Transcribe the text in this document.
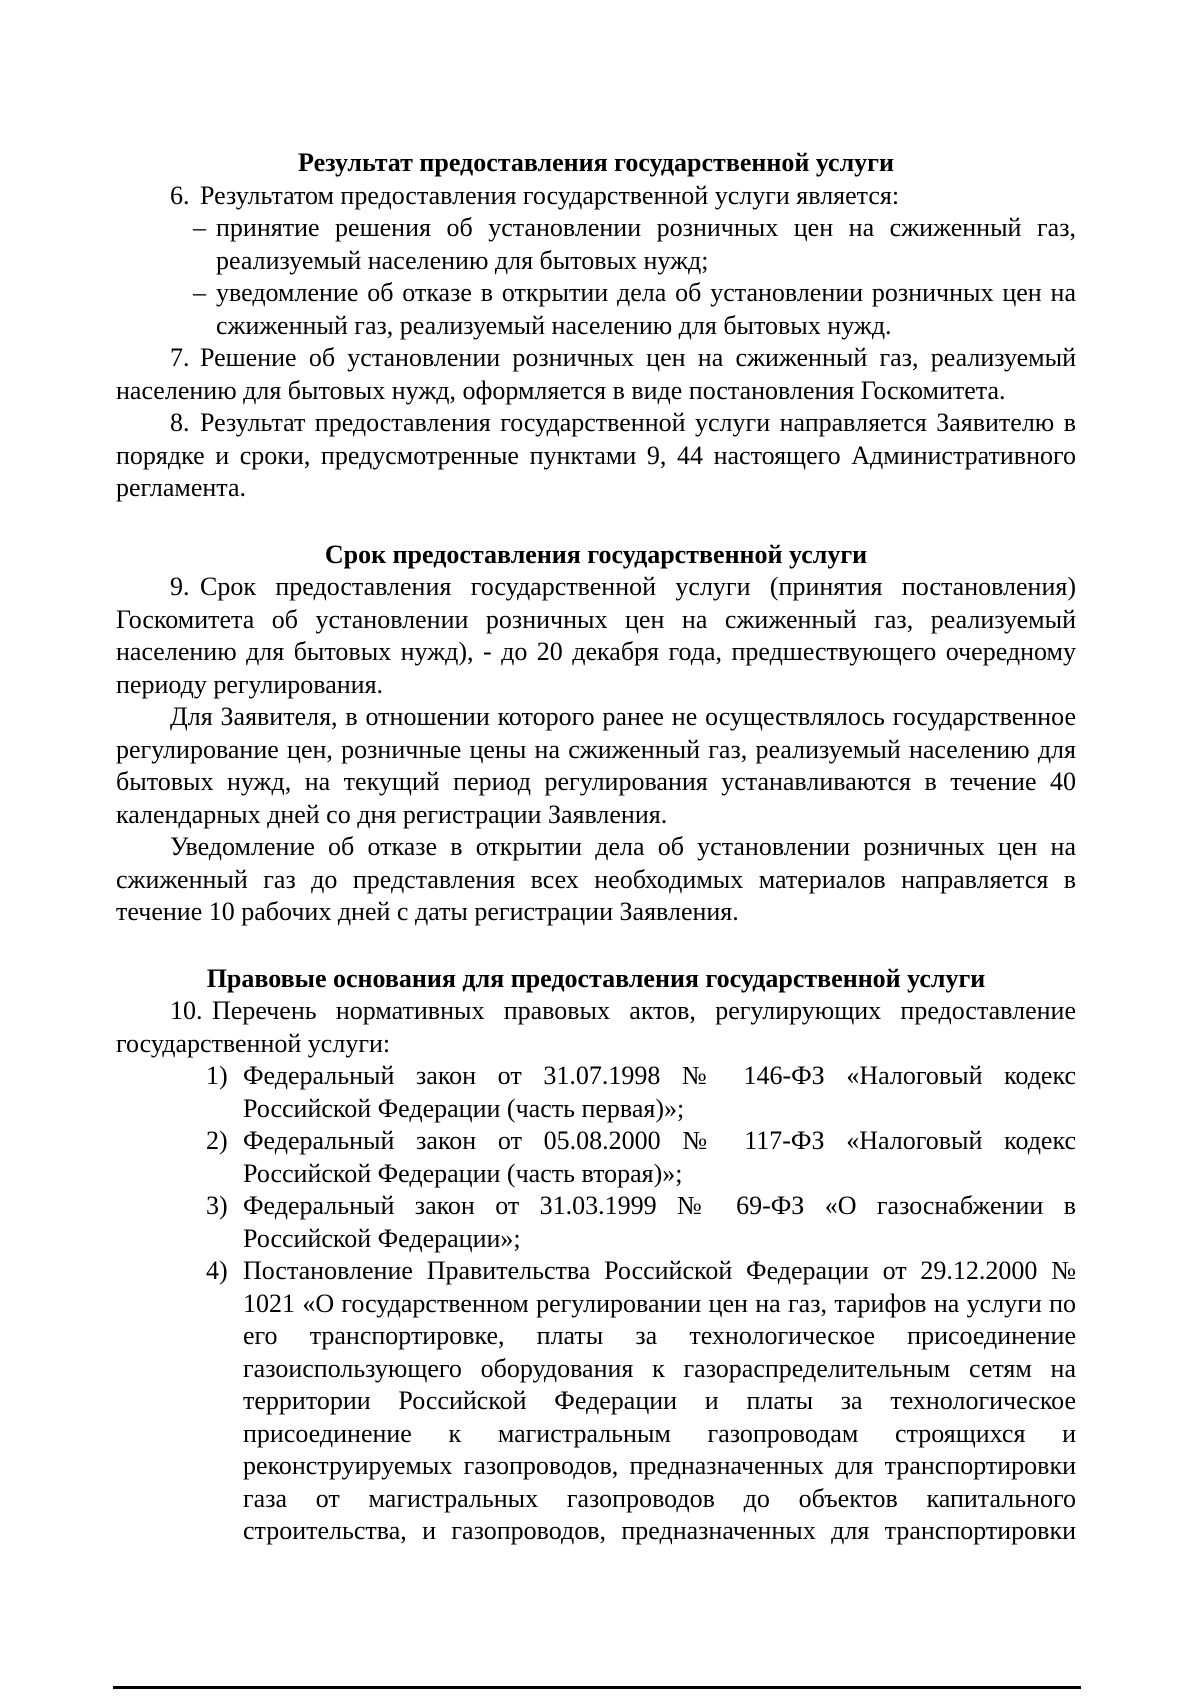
Результат предоставления государственной услуги

6. Результатом предоставления государственной услуги является:

– принятие решения об установлении розничных цен на сжиженный газ, реализуемый населению для бытовых нужд;
– уведомление об отказе в открытии дела об установлении розничных цен на сжиженный газ, реализуемый населению для бытовых нужд.

7. Решение об установлении розничных цен на сжиженный газ, реализуемый населению для бытовых нужд, оформляется в виде постановления Госкомитета.

8. Результат предоставления государственной услуги направляется Заявителю в порядке и сроки, предусмотренные пунктами 9, 44 настоящего Административного регламента.

Срок предоставления государственной услуги

9. Срок предоставления государственной услуги (принятия постановления) Госкомитета об установлении розничных цен на сжиженный газ, реализуемый населению для бытовых нужд), - до 20 декабря года, предшествующего очередному периоду регулирования.

Для Заявителя, в отношении которого ранее не осуществлялось государственное регулирование цен, розничные цены на сжиженный газ, реализуемый населению для бытовых нужд, на текущий период регулирования устанавливаются в течение 40 календарных дней со дня регистрации Заявления.

Уведомление об отказе в открытии дела об установлении розничных цен на сжиженный газ до представления всех необходимых материалов направляется в течение 10 рабочих дней с даты регистрации Заявления.

Правовые основания для предоставления государственной услуги

10. Перечень нормативных правовых актов, регулирующих предоставление государственной услуги:

1) Федеральный закон от 31.07.1998 № 146-ФЗ «Налоговый кодекс Российской Федерации (часть первая)»;
2) Федеральный закон от 05.08.2000 № 117-ФЗ «Налоговый кодекс Российской Федерации (часть вторая)»;
3) Федеральный закон от 31.03.1999 № 69-ФЗ «О газоснабжении в Российской Федерации»;
4) Постановление Правительства Российской Федерации от 29.12.2000 № 1021 «О государственном регулировании цен на газ, тарифов на услуги по его транспортировке, платы за технологическое присоединение газоиспользующего оборудования к газораспределительным сетям на территории Российской Федерации и платы за технологическое присоединение к магистральным газопроводам строящихся и реконструируемых газопроводов, предназначенных для транспортировки газа от магистральных газопроводов до объектов капитального строительства, и газопроводов, предназначенных для транспортировки
